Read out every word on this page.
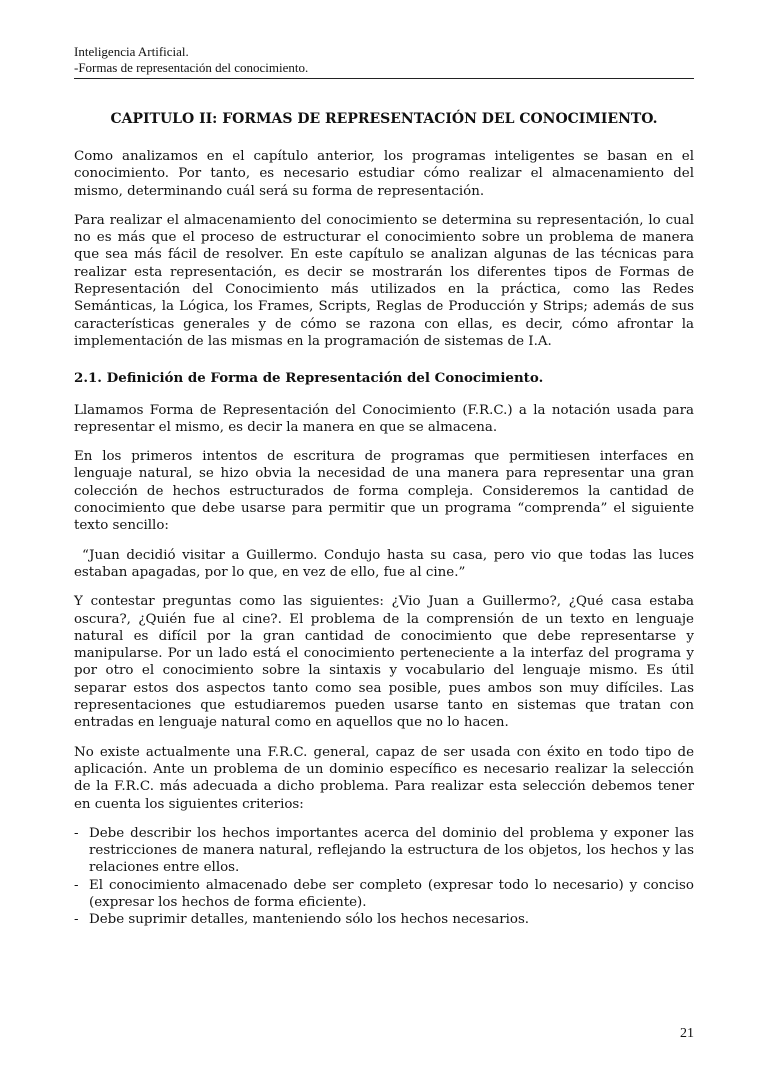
Inteligencia Artificial.
-Formas de representación del conocimiento.
CAPITULO II: FORMAS DE REPRESENTACIÓN DEL CONOCIMIENTO.

Como analizamos en el capítulo anterior, los programas inteligentes se basan en el conocimiento. Por tanto, es necesario estudiar cómo realizar el almacenamiento del mismo, determinando cuál será su forma de representación.

Para realizar el almacenamiento del conocimiento se determina su representación, lo cual no es más que el proceso de estructurar el conocimiento sobre un problema de manera que sea más fácil de resolver. En este capítulo se analizan algunas de las técnicas para realizar esta representación, es decir se mostrarán los diferentes tipos de Formas de Representación del Conocimiento más utilizados en la práctica, como las Redes Semánticas, la Lógica, los Frames, Scripts, Reglas de Producción y Strips; además de sus características generales y de cómo se razona con ellas, es decir, cómo afrontar la implementación de las mismas en la programación de sistemas de I.A.

2.1. Definición de Forma de Representación del Conocimiento.

Llamamos Forma de Representación del Conocimiento (F.R.C.) a la notación usada para representar el mismo, es decir la manera en que se almacena.

En los primeros intentos de escritura de programas que permitiesen interfaces en lenguaje natural, se hizo obvia la necesidad de una manera para representar una gran colección de hechos estructurados de forma compleja. Consideremos la cantidad de conocimiento que debe usarse para permitir que un programa “comprenda” el siguiente texto sencillo:

“Juan decidió visitar a Guillermo. Condujo hasta su casa, pero vio que todas las luces estaban apagadas, por lo que, en vez de ello, fue al cine.”

Y contestar preguntas como las siguientes: ¿Vio Juan a Guillermo?, ¿Qué casa estaba oscura?, ¿Quién fue al cine?. El problema de la comprensión de un texto en lenguaje natural es difícil por la gran cantidad de conocimiento que debe representarse y manipularse. Por un lado está el conocimiento perteneciente a la interfaz del programa y por otro el conocimiento sobre la sintaxis y vocabulario del lenguaje mismo. Es útil separar estos dos aspectos tanto como sea posible, pues ambos son muy difíciles. Las representaciones que estudiaremos pueden usarse tanto en sistemas que tratan con entradas en lenguaje natural como en aquellos que no lo hacen.

No existe actualmente una F.R.C. general, capaz de ser usada con éxito en todo tipo de aplicación. Ante un problema de un dominio específico es necesario realizar la selección de la F.R.C. más adecuada a dicho problema. Para realizar esta selección debemos tener en cuenta los siguientes criterios:

- Debe describir los hechos importantes acerca del dominio del problema y exponer las restricciones de manera natural, reflejando la estructura de los objetos, los hechos y las relaciones entre ellos.
- El conocimiento almacenado debe ser completo (expresar todo lo necesario) y conciso (expresar los hechos de forma eficiente).
- Debe suprimir detalles, manteniendo sólo los hechos necesarios.
21
